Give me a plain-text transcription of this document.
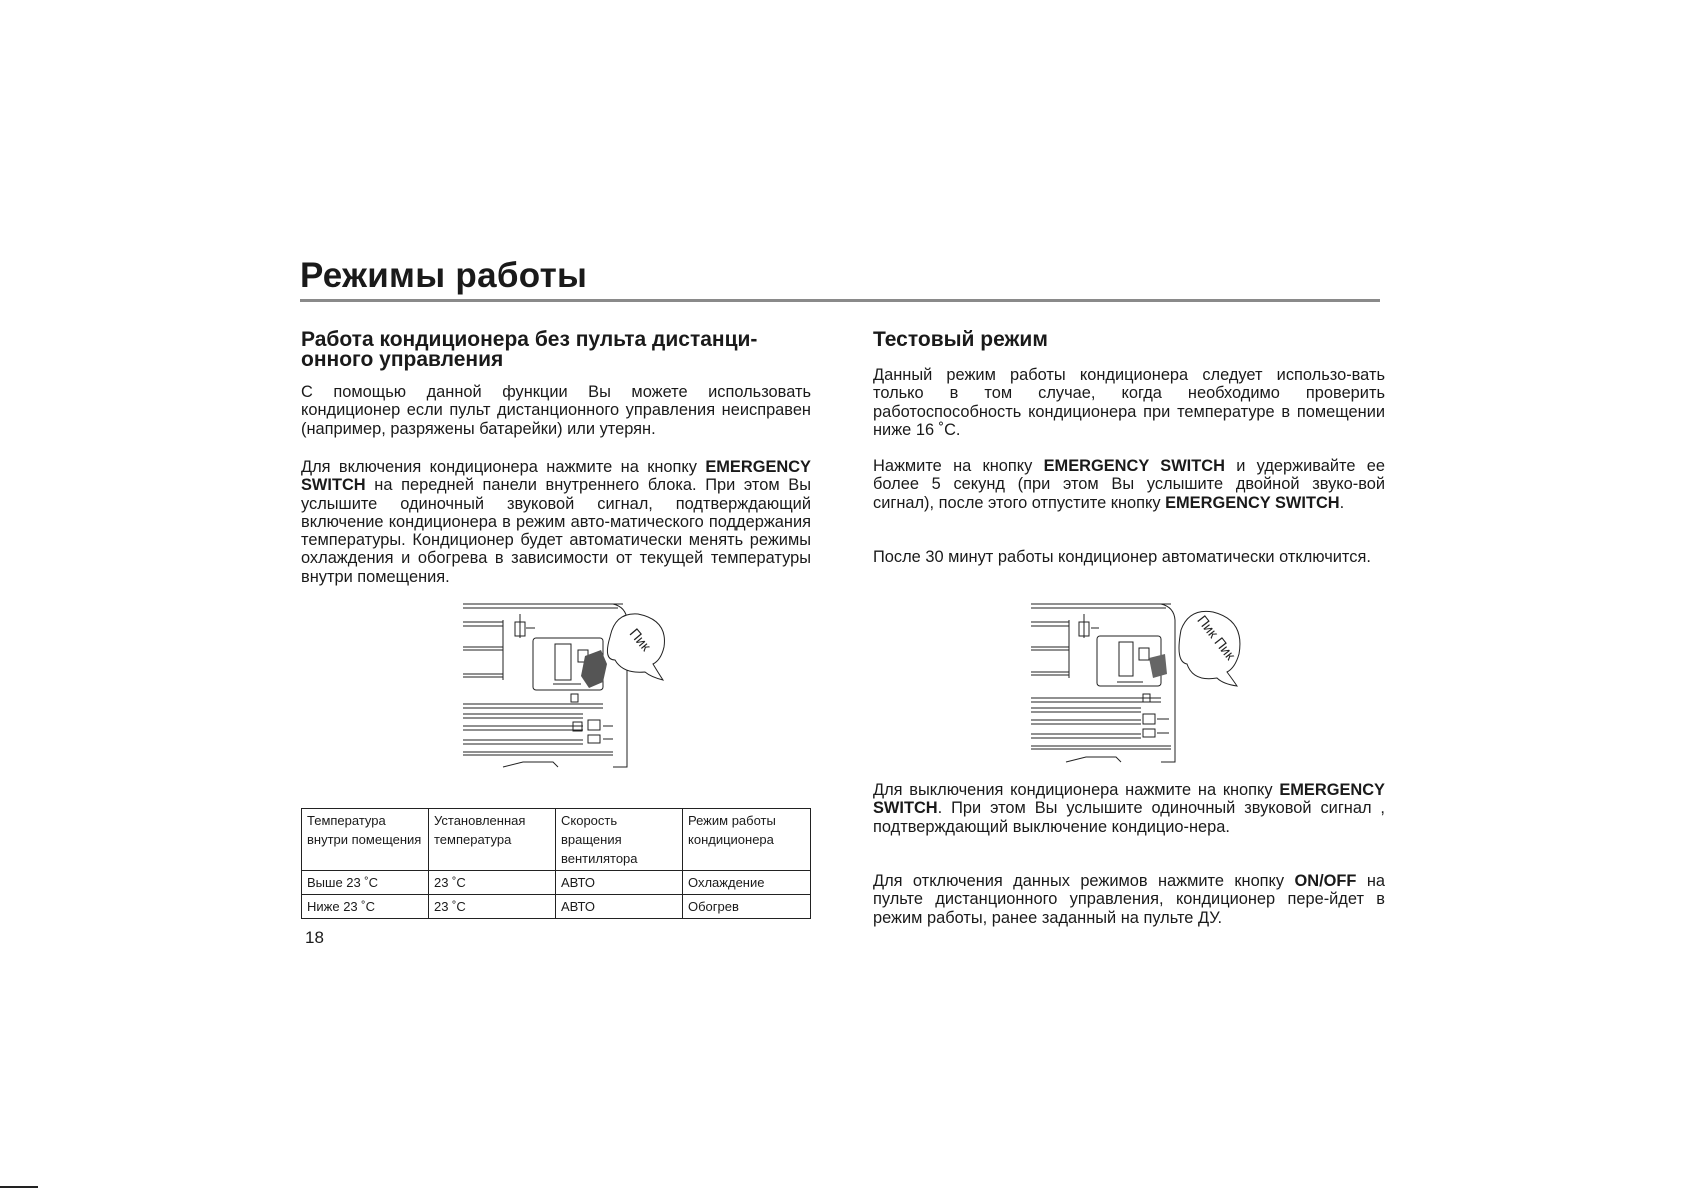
Режимы работы
Работа кондиционера без пульта дистанци-
онного управления

С помощью данной функции Вы можете использовать кондиционер если пульт дистанционного управления неисправен (например, разряжены батарейки) или утерян.

Для включения кондиционера нажмите на кнопку EMERGENCY SWITCH на передней панели внутреннего блока. При этом Вы услышите одиночный звуковой сигнал, подтверждающий включение кондиционера в режим авто-матического поддержания температуры. Кондиционер будет автоматически менять режимы охлаждения и обогрева в зависимости от текущей температуры внутри помещения.

Пик
Температура внутри помещения	Установленная температура	Скорость вращения вентилятора	Режим работы кондиционера
Выше 23 ˚С	23 ˚С	АВТО	Охлаждение
Ниже 23 ˚С	23 ˚С	АВТО	Обогрев
18
Тестовый режим

Данный режим работы кондиционера следует использо-вать только в том случае, когда необходимо проверить работоспособность кондиционера при температуре в помещении ниже 16 ˚С.

Нажмите на кнопку EMERGENCY SWITCH и удерживайте ее более 5 секунд (при этом Вы услышите двойной звуко-вой сигнал), после этого отпустите кнопку EMERGENCY SWITCH.

После 30 минут работы кондиционер автоматически отключится.

Пик Пик

Для выключения кондиционера нажмите на кнопку EMERGENCY SWITCH. При этом Вы услышите одиночный звуковой сигнал , подтверждающий выключение кондицио-нера.

Для отключения данных режимов нажмите кнопку ON/OFF на пульте дистанционного управления, кондиционер пере-йдет в режим работы, ранее заданный на пульте ДУ.
